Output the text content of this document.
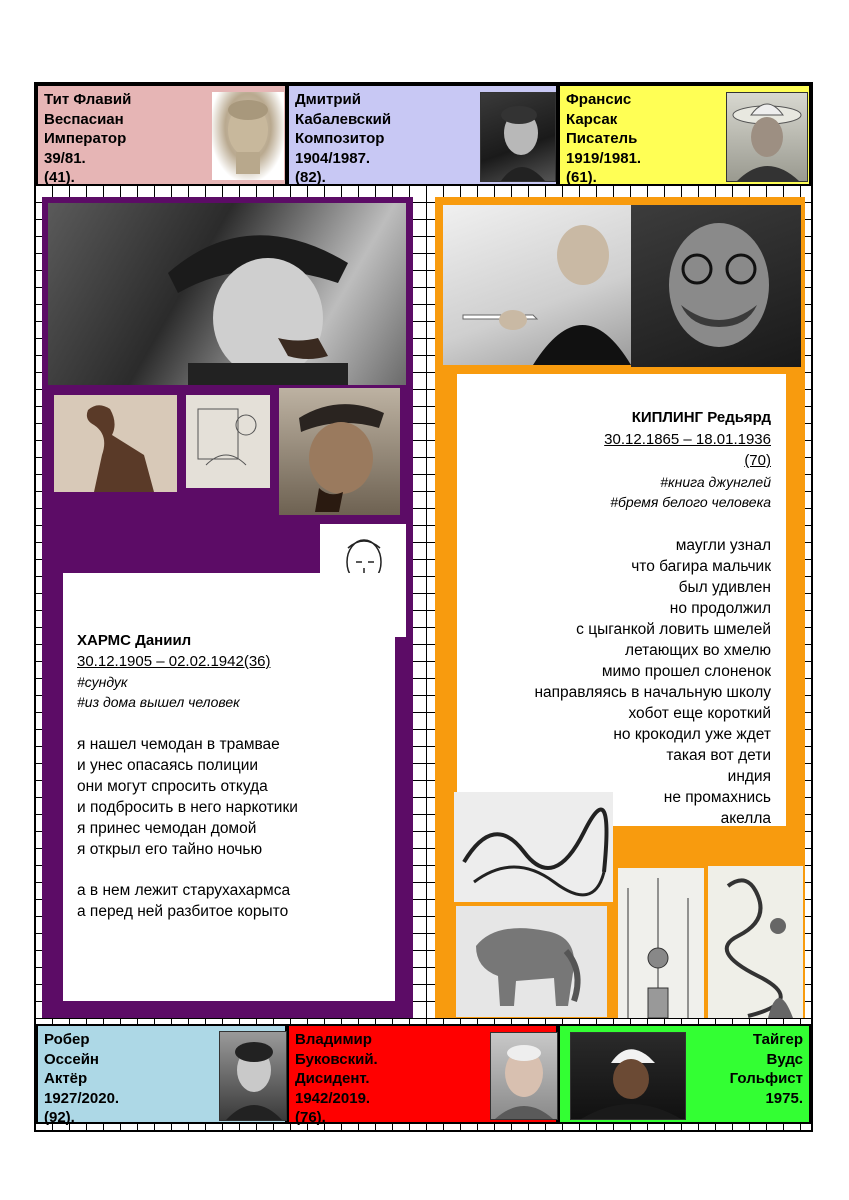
Тит Флавий
Веспасиан
Император
39/81.
(41).
Дмитрий
Кабалевский
Композитор
1904/1987.
(82).
Франсис
Карсак
Писатель
1919/1981.
(61).
ХАРМС Даниил
30.12.1905 – 02.02.1942(36)
#сундук
#из дома вышел человек
я нашел чемодан в трамвае
и унес опасаясь полиции
они могут спросить откуда
и подбросить в него наркотики
я принес чемодан домой
я открыл его тайно ночью
а в нем лежит старухахармса
а перед ней разбитое корыто
КИПЛИНГ Редьярд
30.12.1865 – 18.01.1936
(70)
#книга джунглей
#бремя белого человека
маугли узнал
что багира мальчик
был удивлен
но продолжил
с цыганкой ловить шмелей
летающих во хмелю
мимо прошел слоненок
направляясь в начальную школу
хобот еще короткий
но крокодил уже ждет
такая вот дети
индия
не промахнись
акелла
Робер
Оссейн
Актёр
1927/2020.
(92).
Владимир
Буковский.
Дисидент.
1942/2019.
(76).
Тайгер
Вудс
Гольфист
1975.
